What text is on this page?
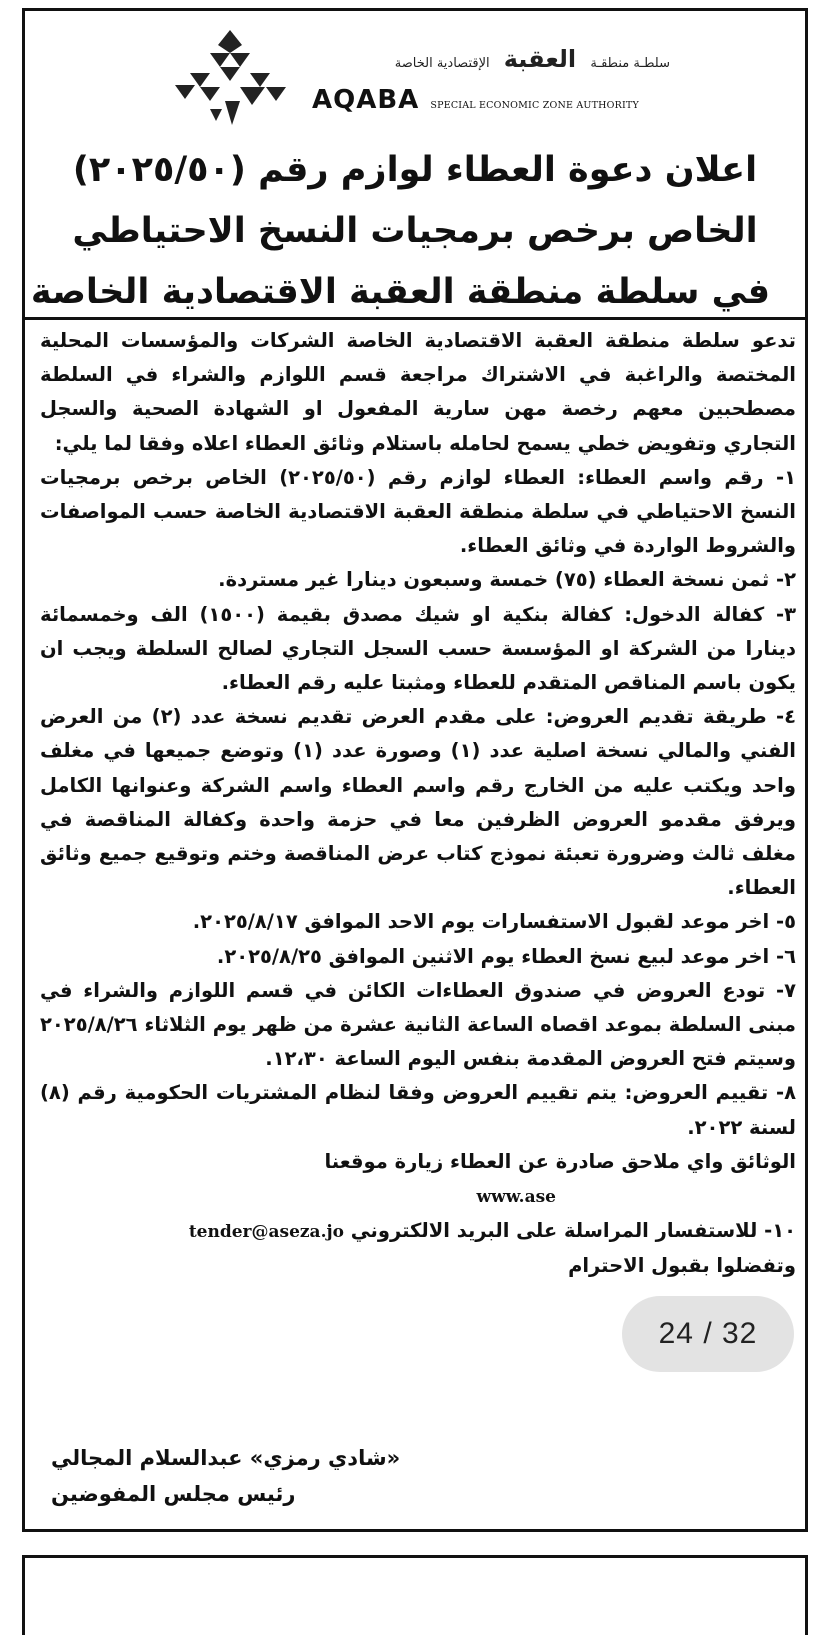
سلطـة منطقـة العقبة الإقتصادية الخاصة
AQABA SPECIAL ECONOMIC ZONE AUTHORITY
اعلان دعوة العطاء لوازم رقم (٢٠٢٥/٥٠)
الخاص برخص برمجيات النسخ الاحتياطي
في سلطة منطقة العقبة الاقتصادية الخاصة

تدعو سلطة منطقة العقبة الاقتصادية الخاصة الشركات والمؤسسات المحلية المختصة والراغبة في الاشتراك مراجعة قسم اللوازم والشراء في السلطة مصطحبين معهم رخصة مهن سارية المفعول او الشهادة الصحية والسجل التجاري وتفويض خطي يسمح لحامله باستلام وثائق العطاء اعلاه وفقا لما يلي:

١- رقم واسم العطاء: العطاء لوازم رقم (٢٠٢٥/٥٠) الخاص برخص برمجيات النسخ الاحتياطي في سلطة منطقة العقبة الاقتصادية الخاصة حسب المواصفات والشروط الواردة في وثائق العطاء.

٢- ثمن نسخة العطاء (٧٥) خمسة وسبعون دينارا غير مستردة.

٣- كفالة الدخول: كفالة بنكية او شيك مصدق بقيمة (١٥٠٠) الف وخمسمائة دينارا من الشركة او المؤسسة حسب السجل التجاري لصالح السلطة ويجب ان يكون باسم المناقص المتقدم للعطاء ومثبتا عليه رقم العطاء.

٤- طريقة تقديم العروض: على مقدم العرض تقديم نسخة عدد (٢) من العرض الفني والمالي نسخة اصلية عدد (١) وصورة عدد (١) وتوضع جميعها في مغلف واحد ويكتب عليه من الخارج رقم واسم العطاء واسم الشركة وعنوانها الكامل ويرفق مقدمو العروض الظرفين معا في حزمة واحدة وكفالة المناقصة في مغلف ثالث وضرورة تعبئة نموذج كتاب عرض المناقصة وختم وتوقيع جميع وثائق العطاء.

٥- اخر موعد لقبول الاستفسارات يوم الاحد الموافق ٢٠٢٥/٨/١٧.

٦- اخر موعد لبيع نسخ العطاء يوم الاثنين الموافق ٢٠٢٥/٨/٢٥.

٧- تودع العروض في صندوق العطاءات الكائن في قسم اللوازم والشراء في مبنى السلطة بموعد اقصاه الساعة الثانية عشرة من ظهر يوم الثلاثاء ٢٠٢٥/٨/٢٦ وسيتم فتح العروض المقدمة بنفس اليوم الساعة ١٢،٣٠.

٨- تقييم العروض: يتم تقييم العروض وفقا لنظام المشتريات الحكومية رقم (٨) لسنة ٢٠٢٢.

الوثائق واي ملاحق صادرة عن العطاء زيارة موقعنا
www.ase

١٠- للاستفسار المراسلة على البريد الالكتروني tender@aseza.jo

وتفضلوا بقبول الاحترام

«شادي رمزي» عبدالسلام المجالي
رئيس مجلس المفوضين
24 / 32
